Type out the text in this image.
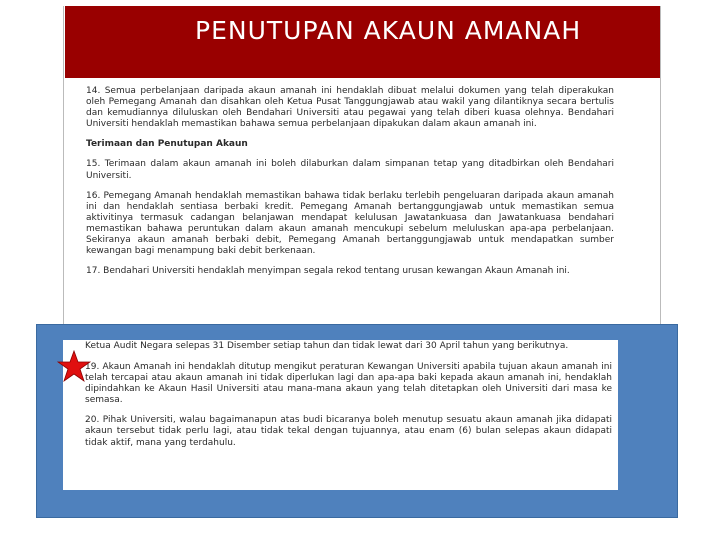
PENUTUPAN AKAUN AMANAH

14. Semua perbelanjaan daripada akaun amanah ini hendaklah dibuat melalui dokumen yang telah diperakukan oleh Pemegang Amanah dan disahkan oleh Ketua Pusat Tanggungjawab atau wakil yang dilantiknya secara bertulis dan kemudiannya diluluskan oleh Bendahari Universiti atau pegawai yang telah diberi kuasa olehnya. Bendahari Universiti hendaklah memastikan bahawa semua perbelanjaan dipakukan dalam akaun amanah ini.

Terimaan dan Penutupan Akaun

15. Terimaan dalam akaun amanah ini boleh dilaburkan dalam simpanan tetap yang ditadbirkan oleh Bendahari Universiti.

16. Pemegang Amanah hendaklah memastikan bahawa tidak berlaku terlebih pengeluaran daripada akaun amanah ini dan hendaklah sentiasa berbaki kredit. Pemegang Amanah bertanggungjawab untuk memastikan semua aktivitinya termasuk cadangan belanjawan mendapat kelulusan Jawatankuasa dan Jawatankuasa bendahari memastikan bahawa peruntukan dalam akaun amanah mencukupi sebelum meluluskan apa-apa perbelanjaan. Sekiranya akaun amanah berbaki debit, Pemegang Amanah bertanggungjawab untuk mendapatkan sumber kewangan bagi menampung baki debit berkenaan.

17. Bendahari Universiti hendaklah menyimpan segala rekod tentang urusan kewangan Akaun Amanah ini.

Ketua Audit Negara selepas 31 Disember setiap tahun dan tidak lewat dari 30 April tahun yang berikutnya.

19. Akaun Amanah ini hendaklah ditutup mengikut peraturan Kewangan Universiti apabila tujuan akaun amanah ini telah tercapai atau akaun amanah ini tidak diperlukan lagi dan apa-apa baki kepada akaun amanah ini, hendaklah dipindahkan ke Akaun Hasil Universiti atau mana-mana akaun yang telah ditetapkan oleh Universiti dari masa ke semasa.

20. Pihak Universiti, walau bagaimanapun atas budi bicaranya boleh menutup sesuatu akaun amanah jika didapati akaun tersebut tidak perlu lagi, atau tidak tekal dengan tujuannya, atau enam (6) bulan selepas akaun didapati tidak aktif, mana yang terdahulu.
